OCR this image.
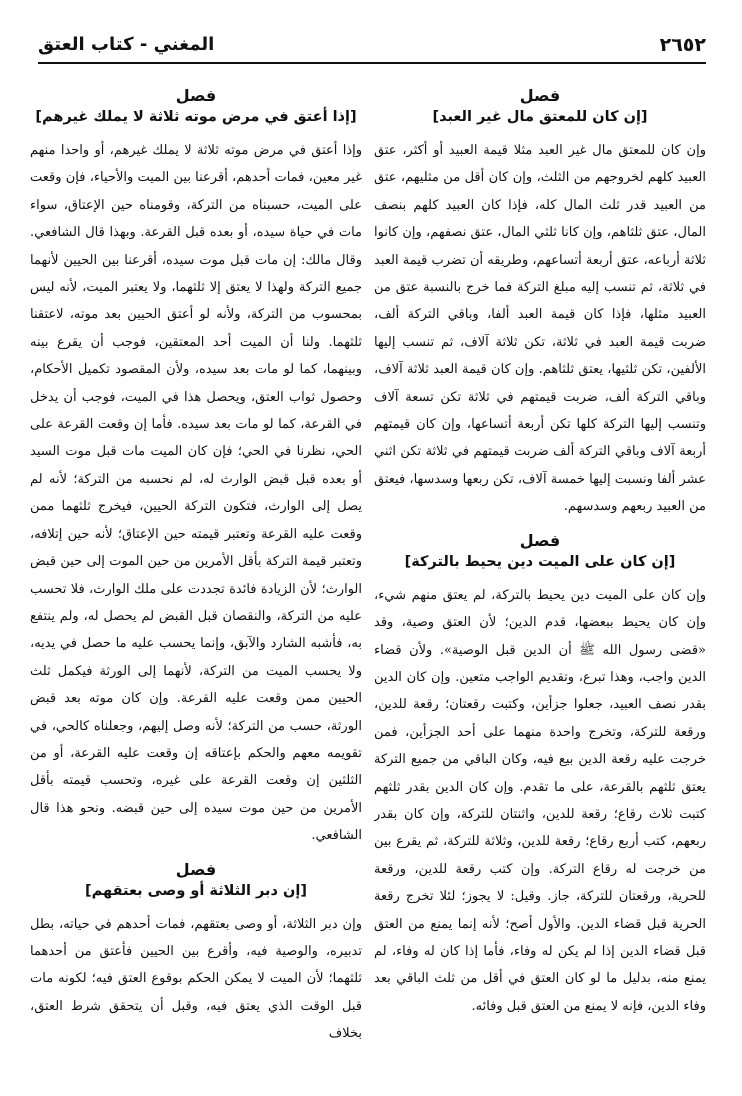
٢٦٥٢
المغني - كتاب العتق
فصل
[إن كان للمعتق مال غير العبد]

وإن كان للمعتق مال غير العبد مثلا قيمة العبيد أو أكثر، عتق العبيد كلهم لخروجهم من الثلث، وإن كان أقل من مثليهم، عتق من العبيد قدر ثلث المال كله، فإذا كان العبيد كلهم بنصف المال، عتق ثلثاهم، وإن كانا ثلثي المال، عتق نصفهم، وإن كانوا ثلاثة أرباعه، عتق أربعة أتساعهم، وطريقه أن تضرب قيمة العبد في ثلاثة، ثم تنسب إليه مبلغ التركة فما خرج بالنسبة عتق من العبيد مثلها، فإذا كان قيمة العبد ألفا، وباقي التركة ألف، ضربت قيمة العبد في ثلاثة، تكن ثلاثة آلاف، ثم تنسب إليها الألفين، تكن ثلثيها، يعتق ثلثاهم. وإن كان قيمة العبد ثلاثة آلاف، وباقي التركة ألف، ضربت قيمتهم في ثلاثة تكن تسعة آلاف وتنسب إليها التركة كلها تكن أربعة أتساعها، وإن كان قيمتهم أربعة آلاف وباقي التركة ألف ضربت قيمتهم في ثلاثة تكن اثني عشر ألفا ونسبت إليها خمسة آلاف، تكن ربعها وسدسها، فيعتق من العبيد ربعهم وسدسهم.

فصل
[إن كان على الميت دين يحيط بالتركة]

وإن كان على الميت دين يحيط بالتركة، لم يعتق منهم شيء، وإن كان يحيط ببعضها، قدم الدين؛ لأن العتق وصية، وقد «قضى رسول الله ﷺ أن الدين قبل الوصية». ولأن قضاء الدين واجب، وهذا تبرع، وتقديم الواجب متعين. وإن كان الدين بقدر نصف العبيد، جعلوا جزأين، وكتبت رقعتان؛ رقعة للدين، ورقعة للتركة، وتخرج واحدة منهما على أحد الجزأين، فمن خرجت عليه رقعة الدين بيع فيه، وكان الباقي من جميع التركة يعتق ثلثهم بالقرعة، على ما تقدم. وإن كان الدين بقدر ثلثهم كتبت ثلاث رقاع؛ رقعة للدين، واثنتان للتركة، وإن كان بقدر ربعهم، كتب أربع رقاع؛ رقعة للدين، وثلاثة للتركة، ثم يقرع بين من خرجت له رقاع التركة. وإن كتب رقعة للدين، ورقعة للحرية، ورقعتان للتركة، جاز. وقيل: لا يجوز؛ لئلا تخرج رقعة الحرية قبل قضاء الدين. والأول أصح؛ لأنه إنما يمنع من العتق قبل قضاء الدين إذا لم يكن له وفاء، فأما إذا كان له وفاء، لم يمنع منه، بدليل ما لو كان العتق في أقل من ثلث الباقي بعد وفاء الدين، فإنه لا يمنع من العتق قبل وفائه.

فصل
[إذا أعتق في مرض موته ثلاثة لا يملك غيرهم]

وإذا أعتق في مرض موته ثلاثة لا يملك غيرهم، أو واحدا منهم غير معين، فمات أحدهم، أقرعنا بين الميت والأحياء، فإن وقعت على الميت، حسبناه من التركة، وقومناه حين الإعتاق، سواء مات في حياة سيده، أو بعده قبل القرعة. وبهذا قال الشافعي. وقال مالك: إن مات قبل موت سيده، أقرعنا بين الحيين لأنهما جميع التركة ولهذا لا يعتق إلا ثلثهما، ولا يعتبر الميت، لأنه ليس بمحسوب من التركة، ولأنه لو أعتق الحيين بعد موته، لاعتقنا ثلثهما. ولنا أن الميت أحد المعتقين، فوجب أن يقرع بينه وبينهما، كما لو مات بعد سيده، ولأن المقصود تكميل الأحكام، وحصول ثواب العتق، ويحصل هذا في الميت، فوجب أن يدخل في القرعة، كما لو مات بعد سيده. فأما إن وقعت القرعة على الحي، نظرنا في الحي؛ فإن كان الميت مات قبل موت السيد أو بعده قبل قبض الوارث له، لم نحسبه من التركة؛ لأنه لم يصل إلى الوارث، فتكون التركة الحيين، فيخرج ثلثهما ممن وقعت عليه القرعة وتعتبر قيمته حين الإعتاق؛ لأنه حين إتلافه، وتعتبر قيمة التركة بأقل الأمرين من حين الموت إلى حين قبض الوارث؛ لأن الزيادة فائدة تجددت على ملك الوارث، فلا تحسب عليه من التركة، والنقصان قبل القبض لم يحصل له، ولم ينتفع به، فأشبه الشارد والآبق، وإنما يحسب عليه ما حصل في يديه، ولا يحسب الميت من التركة، لأنهما إلى الورثة فيكمل ثلث الحيين ممن وقعت عليه القرعة. وإن كان موته بعد قبض الورثة، حسب من التركة؛ لأنه وصل إليهم، وجعلناه كالحي، في تقويمه معهم والحكم بإعتاقه إن وقعت عليه القرعة، أو من الثلثين إن وقعت القرعة على غيره، وتحسب قيمته بأقل الأمرين من حين موت سيده إلى حين قبضه. ونحو هذا قال الشافعي.

فصل
[إن دبر الثلاثة أو وصى بعتقهم]

وإن دبر الثلاثة، أو وصى بعتقهم، فمات أحدهم في حياته، بطل تدبيره، والوصية فيه، وأقرع بين الحيين فأعتق من أحدهما ثلثهما؛ لأن الميت لا يمكن الحكم بوقوع العتق فيه؛ لكونه مات قبل الوقت الذي يعتق فيه، وقبل أن يتحقق شرط العتق، بخلاف
